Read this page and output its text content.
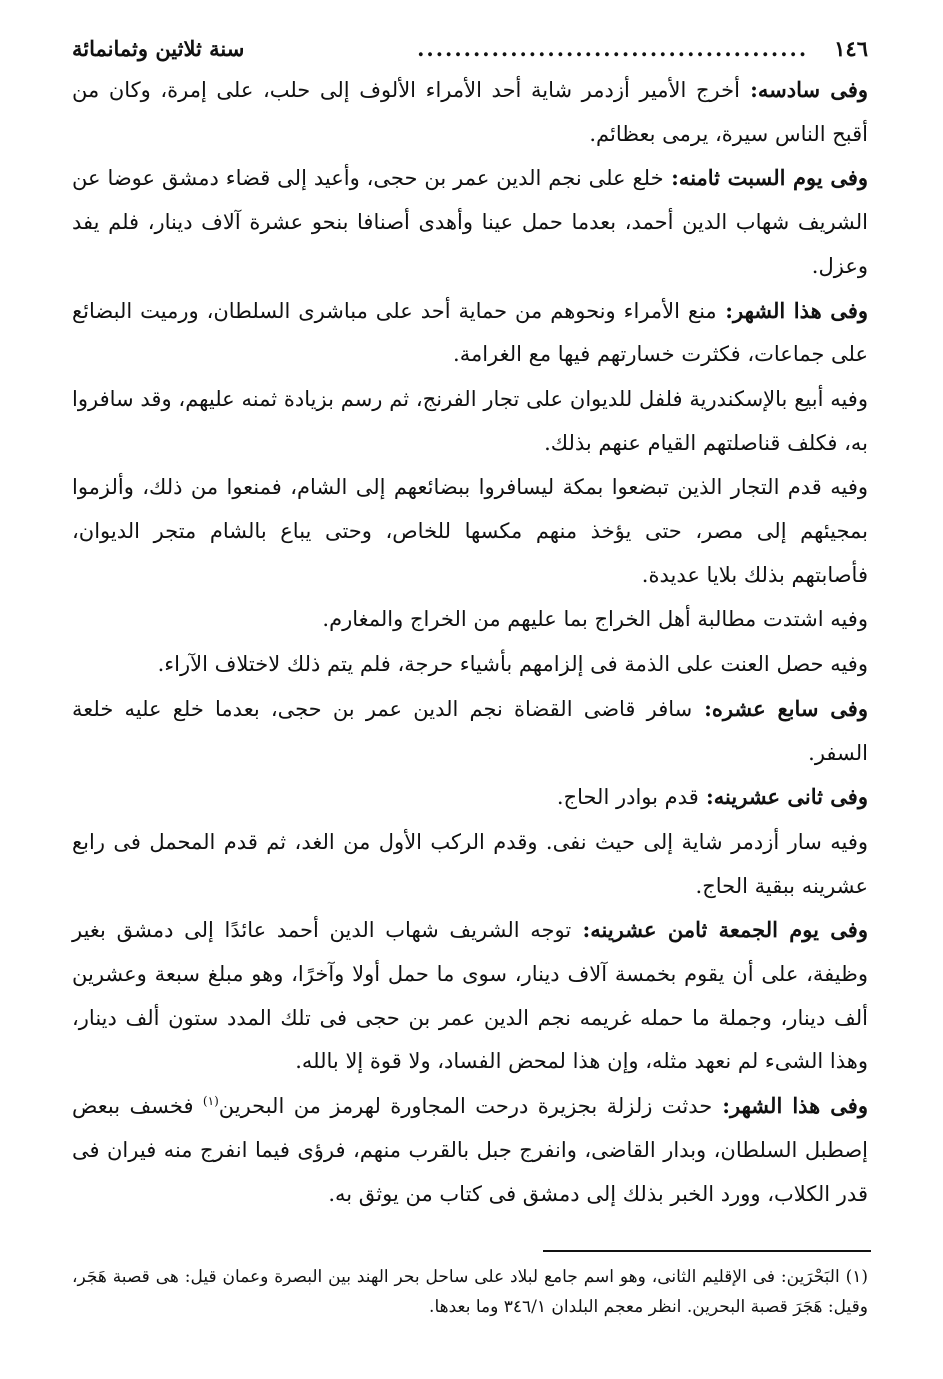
١٤٦
..........................................
سنة ثلاثين وثمانمائة

وفى سادسه: أخرج الأمير أزدمر شاية أحد الأمراء الألوف إلى حلب، على إمرة، وكان من أقبح الناس سيرة، يرمى بعظائم.

وفى يوم السبت ثامنه: خلع على نجم الدين عمر بن حجى، وأعيد إلى قضاء دمشق عوضا عن الشريف شهاب الدين أحمد، بعدما حمل عينا وأهدى أصنافا بنحو عشرة آلاف دينار، فلم يفد وعزل.

وفى هذا الشهر: منع الأمراء ونحوهم من حماية أحد على مباشرى السلطان، ورميت البضائع على جماعات، فكثرت خسارتهم فيها مع الغرامة.

وفيه أبيع بالإسكندرية فلفل للديوان على تجار الفرنج، ثم رسم بزيادة ثمنه عليهم، وقد سافروا به، فكلف قناصلتهم القيام عنهم بذلك.

وفيه قدم التجار الذين تبضعوا بمكة ليسافروا ببضائعهم إلى الشام، فمنعوا من ذلك، وألزموا بمجيئهم إلى مصر، حتى يؤخذ منهم مكسها للخاص، وحتى يباع بالشام متجر الديوان، فأصابتهم بذلك بلايا عديدة.

وفيه اشتدت مطالبة أهل الخراج بما عليهم من الخراج والمغارم.

وفيه حصل العنت على الذمة فى إلزامهم بأشياء حرجة، فلم يتم ذلك لاختلاف الآراء.

وفى سابع عشره: سافر قاضى القضاة نجم الدين عمر بن حجى، بعدما خلع عليه خلعة السفر.

وفى ثانى عشرينه: قدم بوادر الحاج.

وفيه سار أزدمر شاية إلى حيث نفى. وقدم الركب الأول من الغد، ثم قدم المحمل فى رابع عشرينه ببقية الحاج.

وفى يوم الجمعة ثامن عشرينه: توجه الشريف شهاب الدين أحمد عائدًا إلى دمشق بغير وظيفة، على أن يقوم بخمسة آلاف دينار، سوى ما حمل أولا وآخرًا، وهو مبلغ سبعة وعشرين ألف دينار، وجملة ما حمله غريمه نجم الدين عمر بن حجى فى تلك المدد ستون ألف دينار، وهذا الشىء لم نعهد مثله، وإن هذا لمحض الفساد، ولا قوة إلا بالله.

وفى هذا الشهر: حدثت زلزلة بجزيرة درحت المجاورة لهرمز من البحرين$^{(١)}$ فخسف ببعض إصطبل السلطان، وبدار القاضى، وانفرج جبل بالقرب منهم، فرؤى فيما انفرج منه فيران فى قدر الكلاب، وورد الخبر بذلك إلى دمشق فى كتاب من يوثق به.

(١) البَحْرَين: فى الإقليم الثانى، وهو اسم جامع لبلاد على ساحل بحر الهند بين البصرة وعمان قيل: هى قصبة هَجَر، وقيل: هَجَرَ قصبة البحرين. انظر معجم البلدان ٣٤٦/١ وما بعدها.
